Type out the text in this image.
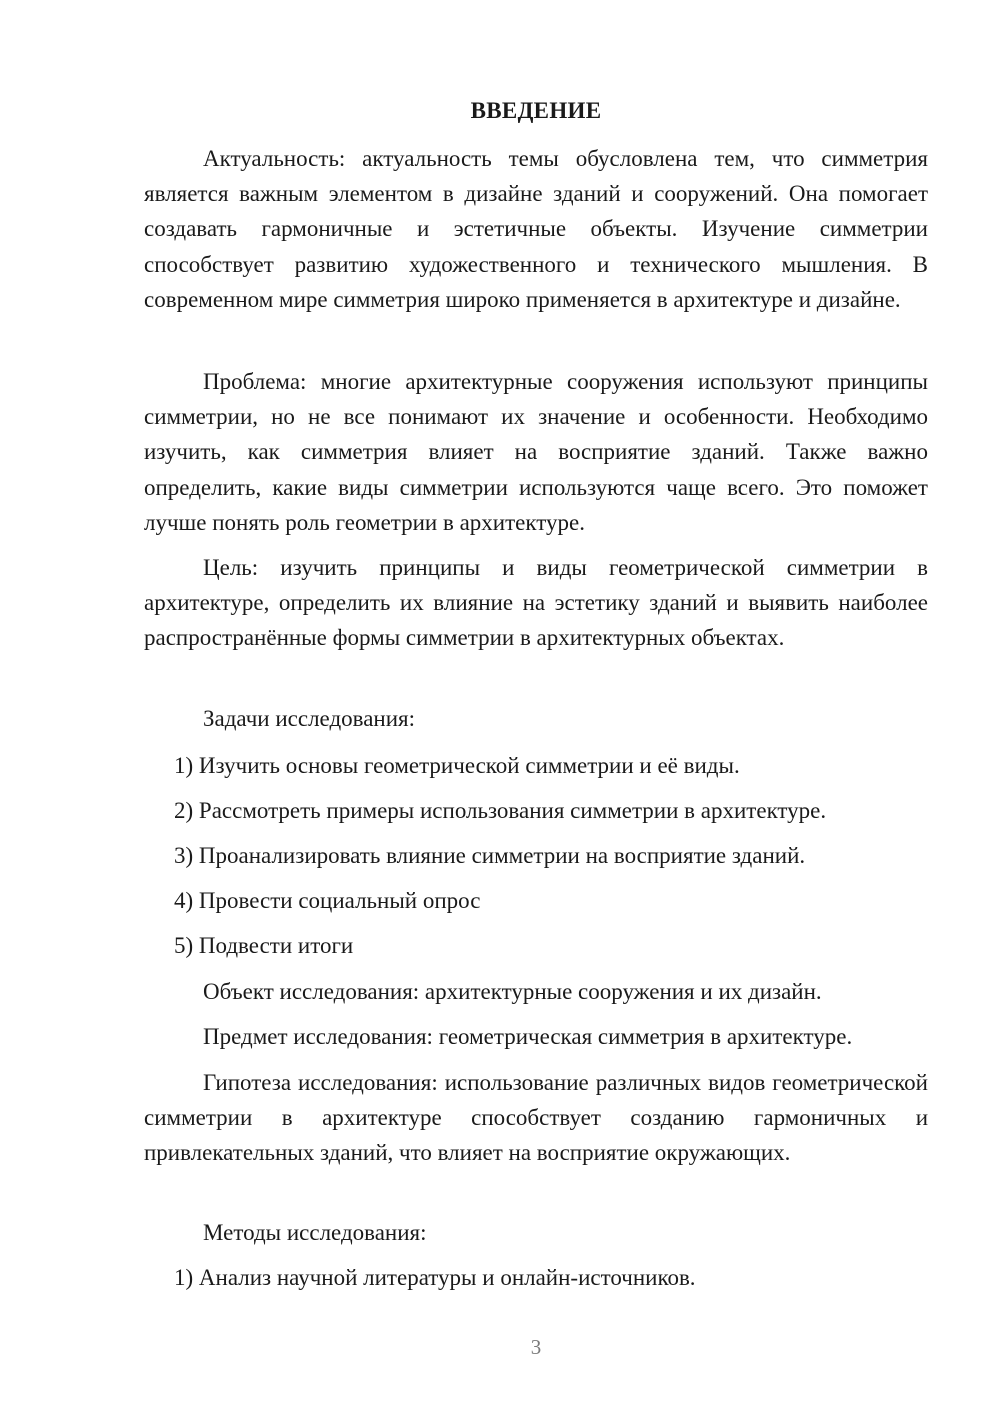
ВВЕДЕНИЕ

Актуальность: актуальность темы обусловлена тем, что симметрия является важным элементом в дизайне зданий и сооружений. Она помогает создавать гармоничные и эстетичные объекты. Изучение симметрии способствует развитию художественного и технического мышления. В современном мире симметрия широко применяется в архитектуре и дизайне.

Проблема: многие архитектурные сооружения используют принципы симметрии, но не все понимают их значение и особенности. Необходимо изучить, как симметрия влияет на восприятие зданий. Также важно определить, какие виды симметрии используются чаще всего. Это поможет лучше понять роль геометрии в архитектуре.

Цель: изучить принципы и виды геометрической симметрии в архитектуре, определить их влияние на эстетику зданий и выявить наиболее распространённые формы симметрии в архитектурных объектах.

Задачи исследования:

1) Изучить основы геометрической симметрии и её виды.

2) Рассмотреть примеры использования симметрии в архитектуре.

3) Проанализировать влияние симметрии на восприятие зданий.

4) Провести социальный опрос

5) Подвести итоги

Объект исследования: архитектурные сооружения и их дизайн.

Предмет исследования: геометрическая симметрия в архитектуре.

Гипотеза исследования: использование различных видов геометрической симметрии в архитектуре способствует созданию гармоничных и привлекательных зданий, что влияет на восприятие окружающих.

Методы исследования:

1) Анализ научной литературы и онлайн-источников.

3
